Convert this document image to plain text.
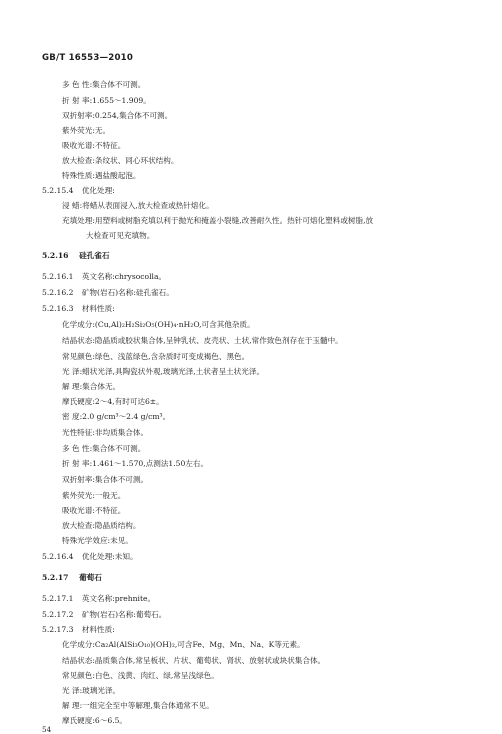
GB/T 16553—2010
多 色 性:集合体不可测。
折 射 率:1.655～1.909。
双折射率:0.254,集合体不可测。
紫外荧光:无。
吸收光谱:不特征。
放大检查:条纹状、同心环状结构。
特殊性质:遇盐酸起泡。
5.2.15.4 优化处理:
浸 蜡:将蜡从表面浸入,放大检查或热针熔化。
充填处理:用塑料或树脂充填以利于抛光和掩盖小裂缝,改善耐久性。热针可熔化塑料或树脂,放
大检查可见充填物。
5.2.16 硅孔雀石
5.2.16.1 英文名称:chrysocolla。
5.2.16.2 矿物(岩石)名称:硅孔雀石。
5.2.16.3 材料性质:
化学成分:(Cu,Al)₂H₂Si₂O₅(OH)₄·nH₂O,可含其他杂质。
结晶状态:隐晶质或胶状集合体,呈钟乳状、皮壳状、土状,常作致色剂存在于玉髓中。
常见颜色:绿色、浅蓝绿色,含杂质时可变成褐色、黑色。
光 泽:蜡状光泽,具陶瓷状外观,玻璃光泽,土状者呈土状光泽。
解 理:集合体无。
摩氏硬度:2～4,有时可达6±。
密 度:2.0 g/cm³～2.4 g/cm³。
光性特征:非均质集合体。
多 色 性:集合体不可测。
折 射 率:1.461～1.570,点测法1.50左右。
双折射率:集合体不可测。
紫外荧光:一般无。
吸收光谱:不特征。
放大检查:隐晶质结构。
特殊光学效应:未见。
5.2.16.4 优化处理:未知。
5.2.17 葡萄石
5.2.17.1 英文名称:prehnite。
5.2.17.2 矿物(岩石)名称:葡萄石。
5.2.17.3 材料性质:
化学成分:Ca₂Al(AlSi₃O₁₀)(OH)₂,可含Fe、Mg、Mn、Na、K等元素。
结晶状态:晶质集合体,常呈板状、片状、葡萄状、肾状、放射状或块状集合体。
常见颜色:白色、浅黄、肉红、绿,常呈浅绿色。
光 泽:玻璃光泽。
解 理:一组完全至中等解理,集合体通常不见。
摩氏硬度:6～6.5。
54
